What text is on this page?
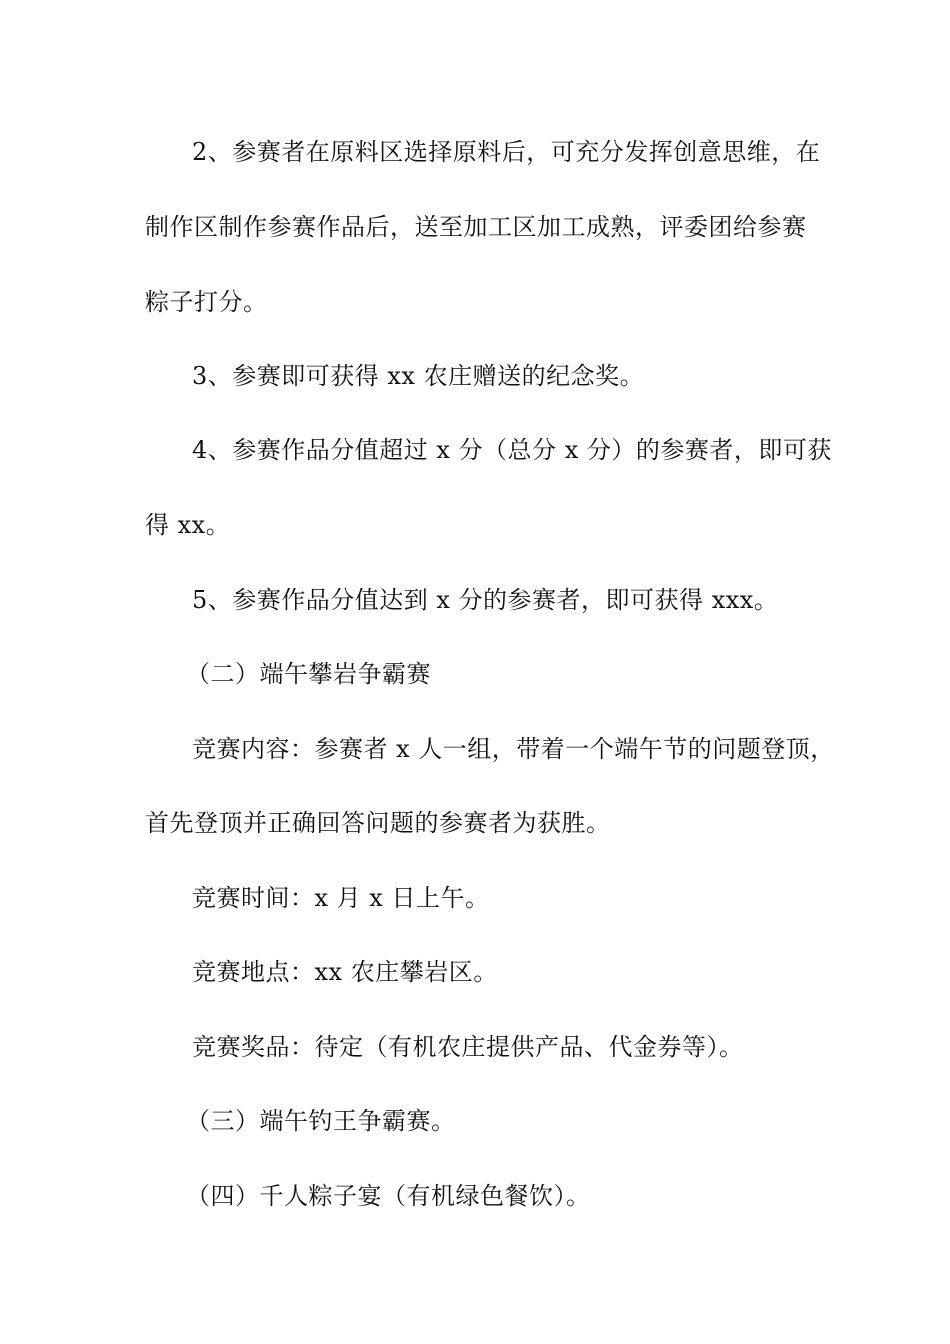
2、参赛者在原料区选择原料后，可充分发挥创意思维，在
制作区制作参赛作品后，送至加工区加工成熟，评委团给参赛
粽子打分。
3、参赛即可获得 xx 农庄赠送的纪念奖。
4、参赛作品分值超过 x 分（总分 x 分）的参赛者，即可获
得 xx。
5、参赛作品分值达到 x 分的参赛者，即可获得 xxx。
（二）端午攀岩争霸赛
竞赛内容：参赛者 x 人一组，带着一个端午节的问题登顶，
首先登顶并正确回答问题的参赛者为获胜。
竞赛时间：x 月 x 日上午。
竞赛地点：xx 农庄攀岩区。
竞赛奖品：待定（有机农庄提供产品、代金券等）。
（三）端午钓王争霸赛。
（四）千人粽子宴（有机绿色餐饮）。
